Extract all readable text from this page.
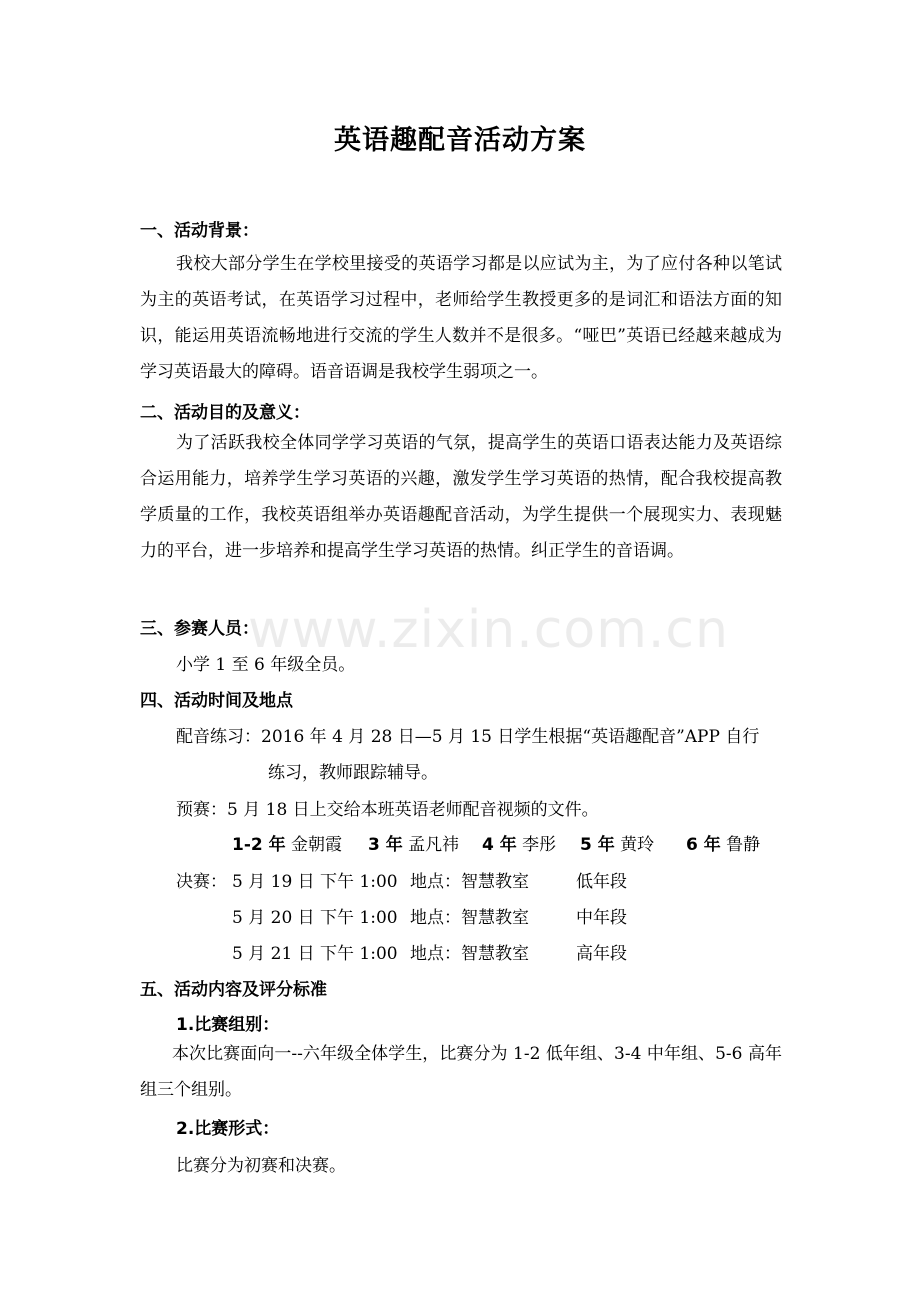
英语趣配音活动方案
www.zixin.com.cn
一、活动背景：
我校大部分学生在学校里接受的英语学习都是以应试为主，为了应付各种以笔试为主的英语考试，在英语学习过程中，老师给学生教授更多的是词汇和语法方面的知识，能运用英语流畅地进行交流的学生人数并不是很多。“哑巴”英语已经越来越成为学习英语最大的障碍。语音语调是我校学生弱项之一。
二、活动目的及意义：
为了活跃我校全体同学学习英语的气氛，提高学生的英语口语表达能力及英语综合运用能力，培养学生学习英语的兴趣，激发学生学习英语的热情，配合我校提高教学质量的工作，我校英语组举办英语趣配音活动，为学生提供一个展现实力、表现魅力的平台，进一步培养和提高学生学习英语的热情。纠正学生的音语调。
三、参赛人员：
小学 1 至 6 年级全员。
四、活动时间及地点
配音练习：2016 年 4 月 28 日—5 月 15 日学生根据“英语趣配音”APP 自行
练习，教师跟踪辅导。
预赛：5 月 18 日上交给本班英语老师配音视频的文件。
1-2 年 金朝霞 3 年 孟凡祎 4 年 李彤 5 年 黄玲 6 年 鲁静
决赛： 5 月 19 日 下午 1:00 地点：智慧教室	低年段
5 月 20 日 下午 1:00 地点：智慧教室	中年段
5 月 21 日 下午 1:00 地点：智慧教室	高年段
五、活动内容及评分标准
1.比赛组别：
本次比赛面向一--六年级全体学生，比赛分为 1-2 低年组、3-4 中年组、5-6 高年组三个组别。
2.比赛形式：
比赛分为初赛和决赛。
